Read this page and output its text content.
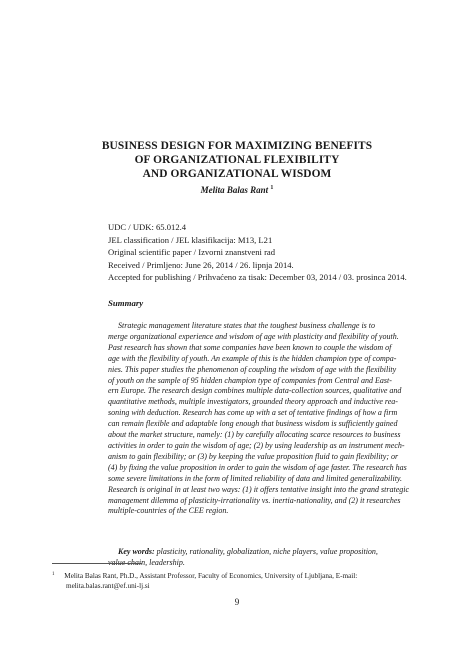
BUSINESS DESIGN FOR MAXIMIZING BENEFITS
OF ORGANIZATIONAL FLEXIBILITY
AND ORGANIZATIONAL WISDOM
Melita Balas Rant $^1$
UDC / UDK: 65.012.4
JEL classification / JEL klasifikacija: M13, L21
Original scientific paper / Izvorni znanstveni rad
Received / Primljeno: June 26, 2014 / 26. lipnja 2014.
Accepted for publishing / Prihvaćeno za tisak: December 03, 2014 / 03. prosinca 2014.
Summary
Strategic management literature states that the toughest business challenge is to
merge organizational experience and wisdom of age with plasticity and flexibility of youth.
Past research has shown that some companies have been known to couple the wisdom of
age with the flexibility of youth. An example of this is the hidden champion type of compa-
nies. This paper studies the phenomenon of coupling the wisdom of age with the flexibility
of youth on the sample of 95 hidden champion type of companies from Central and East-
ern Europe. The research design combines multiple data-collection sources, qualitative and
quantitative methods, multiple investigators, grounded theory approach and inductive rea-
soning with deduction. Research has come up with a set of tentative findings of how a firm
can remain flexible and adaptable long enough that business wisdom is sufficiently gained
about the market structure, namely: (1) by carefully allocating scarce resources to business
activities in order to gain the wisdom of age; (2) by using leadership as an instrument mech-
anism to gain flexibility; or (3) by keeping the value proposition fluid to gain flexibility; or
(4) by fixing the value proposition in order to gain the wisdom of age faster. The research has
some severe limitations in the form of limited reliability of data and limited generalizability.
Research is original in at least two ways: (1) it offers tentative insight into the grand strategic
management dilemma of plasticity-irrationality vs. inertia-nationality, and (2) it researches
multiple-countries of the CEE region.
Key words: plasticity, rationality, globalization, niche players, value proposition,
value chain, leadership.
$^1$ Melita Balas Rant, Ph.D., Assistant Professor, Faculty of Economics, University of Ljubljana, E-mail:
melita.balas.rant@ef.uni-lj.si
9
